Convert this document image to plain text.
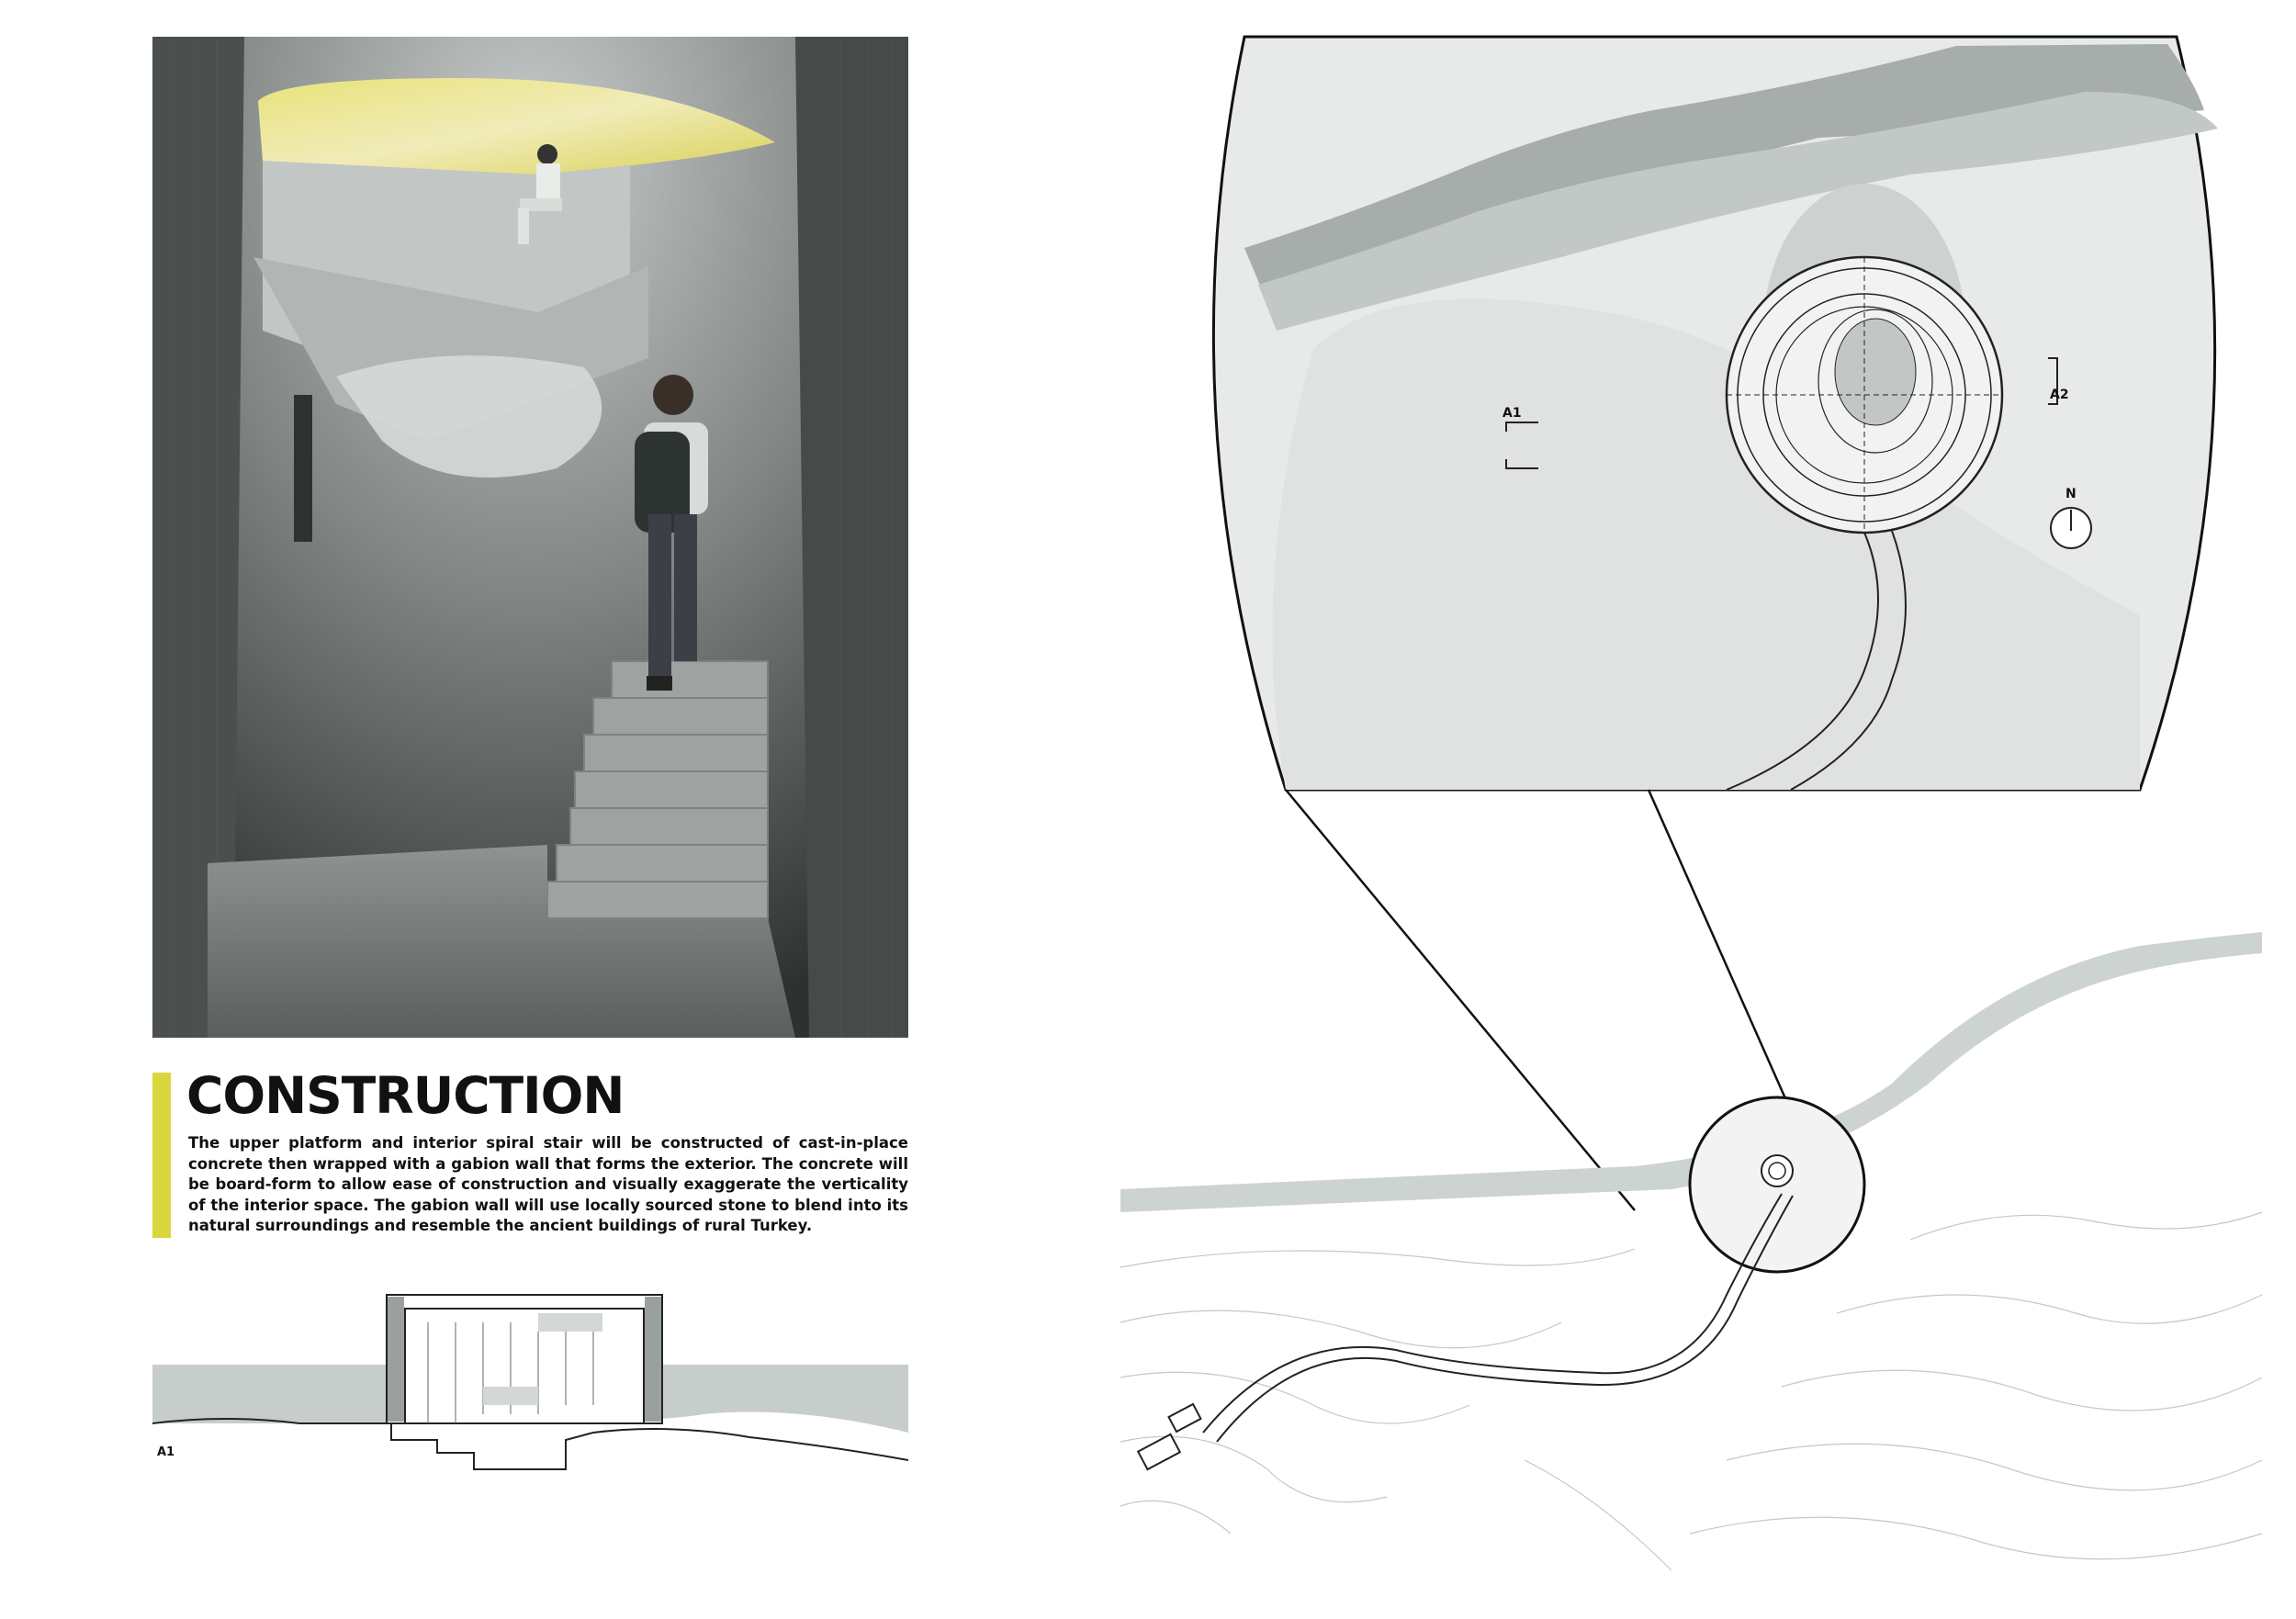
CONSTRUCTION

The upper platform and interior spiral stair will be constructed of cast-in-place concrete then wrapped with a gabion wall that forms the exterior. The concrete will be board-form to allow ease of construction and visually exaggerate the verticality of the interior space. The gabion wall will use locally sourced stone to blend into its natural surroundings and resemble the ancient buildings of rural Turkey.

A1
A1
A2
N
